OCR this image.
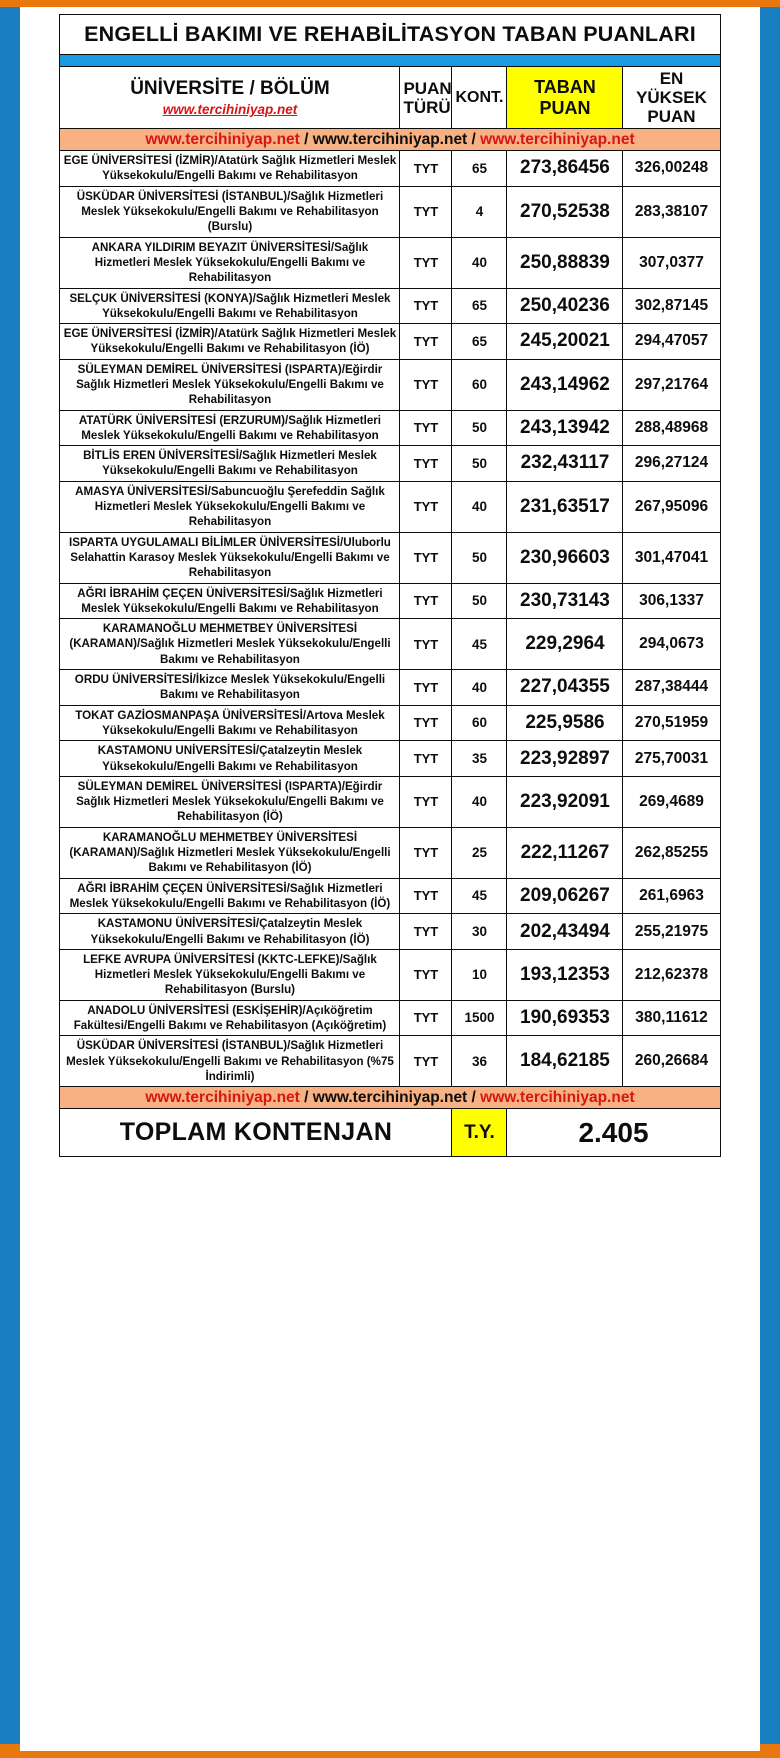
ENGELLİ BAKIMI VE REHABİLİTASYON TABAN PUANLARI				

ÜNİVERSİTE / BÖLÜM
www.tercihiniyap.net	PUAN TÜRÜ	KONT.	TABAN PUAN	EN YÜKSEK PUAN
www.tercihiniyap.net / www.tercihiniyap.net / www.tercihiniyap.net				
EGE ÜNİVERSİTESİ (İZMİR)/Atatürk Sağlık Hizmetleri Meslek Yüksekokulu/Engelli Bakımı ve Rehabilitasyon	TYT	65	273,86456	326,00248
ÜSKÜDAR ÜNİVERSİTESİ (İSTANBUL)/Sağlık Hizmetleri Meslek Yüksekokulu/Engelli Bakımı ve Rehabilitasyon (Burslu)	TYT	4	270,52538	283,38107
ANKARA YILDIRIM BEYAZIT ÜNİVERSİTESİ/Sağlık Hizmetleri Meslek Yüksekokulu/Engelli Bakımı ve Rehabilitasyon	TYT	40	250,88839	307,0377
SELÇUK ÜNİVERSİTESİ (KONYA)/Sağlık Hizmetleri Meslek Yüksekokulu/Engelli Bakımı ve Rehabilitasyon	TYT	65	250,40236	302,87145
EGE ÜNİVERSİTESİ (İZMİR)/Atatürk Sağlık Hizmetleri Meslek Yüksekokulu/Engelli Bakımı ve Rehabilitasyon (İÖ)	TYT	65	245,20021	294,47057
SÜLEYMAN DEMİREL ÜNİVERSİTESİ (ISPARTA)/Eğirdir Sağlık Hizmetleri Meslek Yüksekokulu/Engelli Bakımı ve Rehabilitasyon	TYT	60	243,14962	297,21764
ATATÜRK ÜNİVERSİTESİ (ERZURUM)/Sağlık Hizmetleri Meslek Yüksekokulu/Engelli Bakımı ve Rehabilitasyon	TYT	50	243,13942	288,48968
BİTLİS EREN ÜNİVERSİTESİ/Sağlık Hizmetleri Meslek Yüksekokulu/Engelli Bakımı ve Rehabilitasyon	TYT	50	232,43117	296,27124
AMASYA ÜNİVERSİTESİ/Sabuncuoğlu Şerefeddin Sağlık Hizmetleri Meslek Yüksekokulu/Engelli Bakımı ve Rehabilitasyon	TYT	40	231,63517	267,95096
ISPARTA UYGULAMALI BİLİMLER ÜNİVERSİTESİ/Uluborlu Selahattin Karasoy Meslek Yüksekokulu/Engelli Bakımı ve Rehabilitasyon	TYT	50	230,96603	301,47041
AĞRI İBRAHİM ÇEÇEN ÜNİVERSİTESİ/Sağlık Hizmetleri Meslek Yüksekokulu/Engelli Bakımı ve Rehabilitasyon	TYT	50	230,73143	306,1337
KARAMANOĞLU MEHMETBEY ÜNİVERSİTESİ (KARAMAN)/Sağlık Hizmetleri Meslek Yüksekokulu/Engelli Bakımı ve Rehabilitasyon	TYT	45	229,2964	294,0673
ORDU ÜNİVERSİTESİ/İkizce Meslek Yüksekokulu/Engelli Bakımı ve Rehabilitasyon	TYT	40	227,04355	287,38444
TOKAT GAZİOSMANPAŞA ÜNİVERSİTESİ/Artova Meslek Yüksekokulu/Engelli Bakımı ve Rehabilitasyon	TYT	60	225,9586	270,51959
KASTAMONU UNİVERSİTESİ/Çatalzeytin Meslek Yüksekokulu/Engelli Bakımı ve Rehabilitasyon	TYT	35	223,92897	275,70031
SÜLEYMAN DEMİREL ÜNİVERSİTESİ (ISPARTA)/Eğirdir Sağlık Hizmetleri Meslek Yüksekokulu/Engelli Bakımı ve Rehabilitasyon (İÖ)	TYT	40	223,92091	269,4689
KARAMANOĞLU MEHMETBEY ÜNİVERSİTESİ (KARAMAN)/Sağlık Hizmetleri Meslek Yüksekokulu/Engelli Bakımı ve Rehabilitasyon (İÖ)	TYT	25	222,11267	262,85255
AĞRI İBRAHİM ÇEÇEN ÜNİVERSİTESİ/Sağlık Hizmetleri Meslek Yüksekokulu/Engelli Bakımı ve Rehabilitasyon (İÖ)	TYT	45	209,06267	261,6963
KASTAMONU ÜNİVERSİTESİ/Çatalzeytin Meslek Yüksekokulu/Engelli Bakımı ve Rehabilitasyon (İÖ)	TYT	30	202,43494	255,21975
LEFKE AVRUPA ÜNİVERSİTESİ (KKTC-LEFKE)/Sağlık Hizmetleri Meslek Yüksekokulu/Engelli Bakımı ve Rehabilitasyon (Burslu)	TYT	10	193,12353	212,62378
ANADOLU ÜNİVERSİTESİ (ESKİŞEHİR)/Açıköğretim Fakültesi/Engelli Bakımı ve Rehabilitasyon (Açıköğretim)	TYT	1500	190,69353	380,11612
ÜSKÜDAR ÜNİVERSİTESİ (İSTANBUL)/Sağlık Hizmetleri Meslek Yüksekokulu/Engelli Bakımı ve Rehabilitasyon (%75 İndirimli)	TYT	36	184,62185	260,26684
www.tercihiniyap.net / www.tercihiniyap.net / www.tercihiniyap.net				
TOPLAM KONTENJAN		T.Y.	2.405	
